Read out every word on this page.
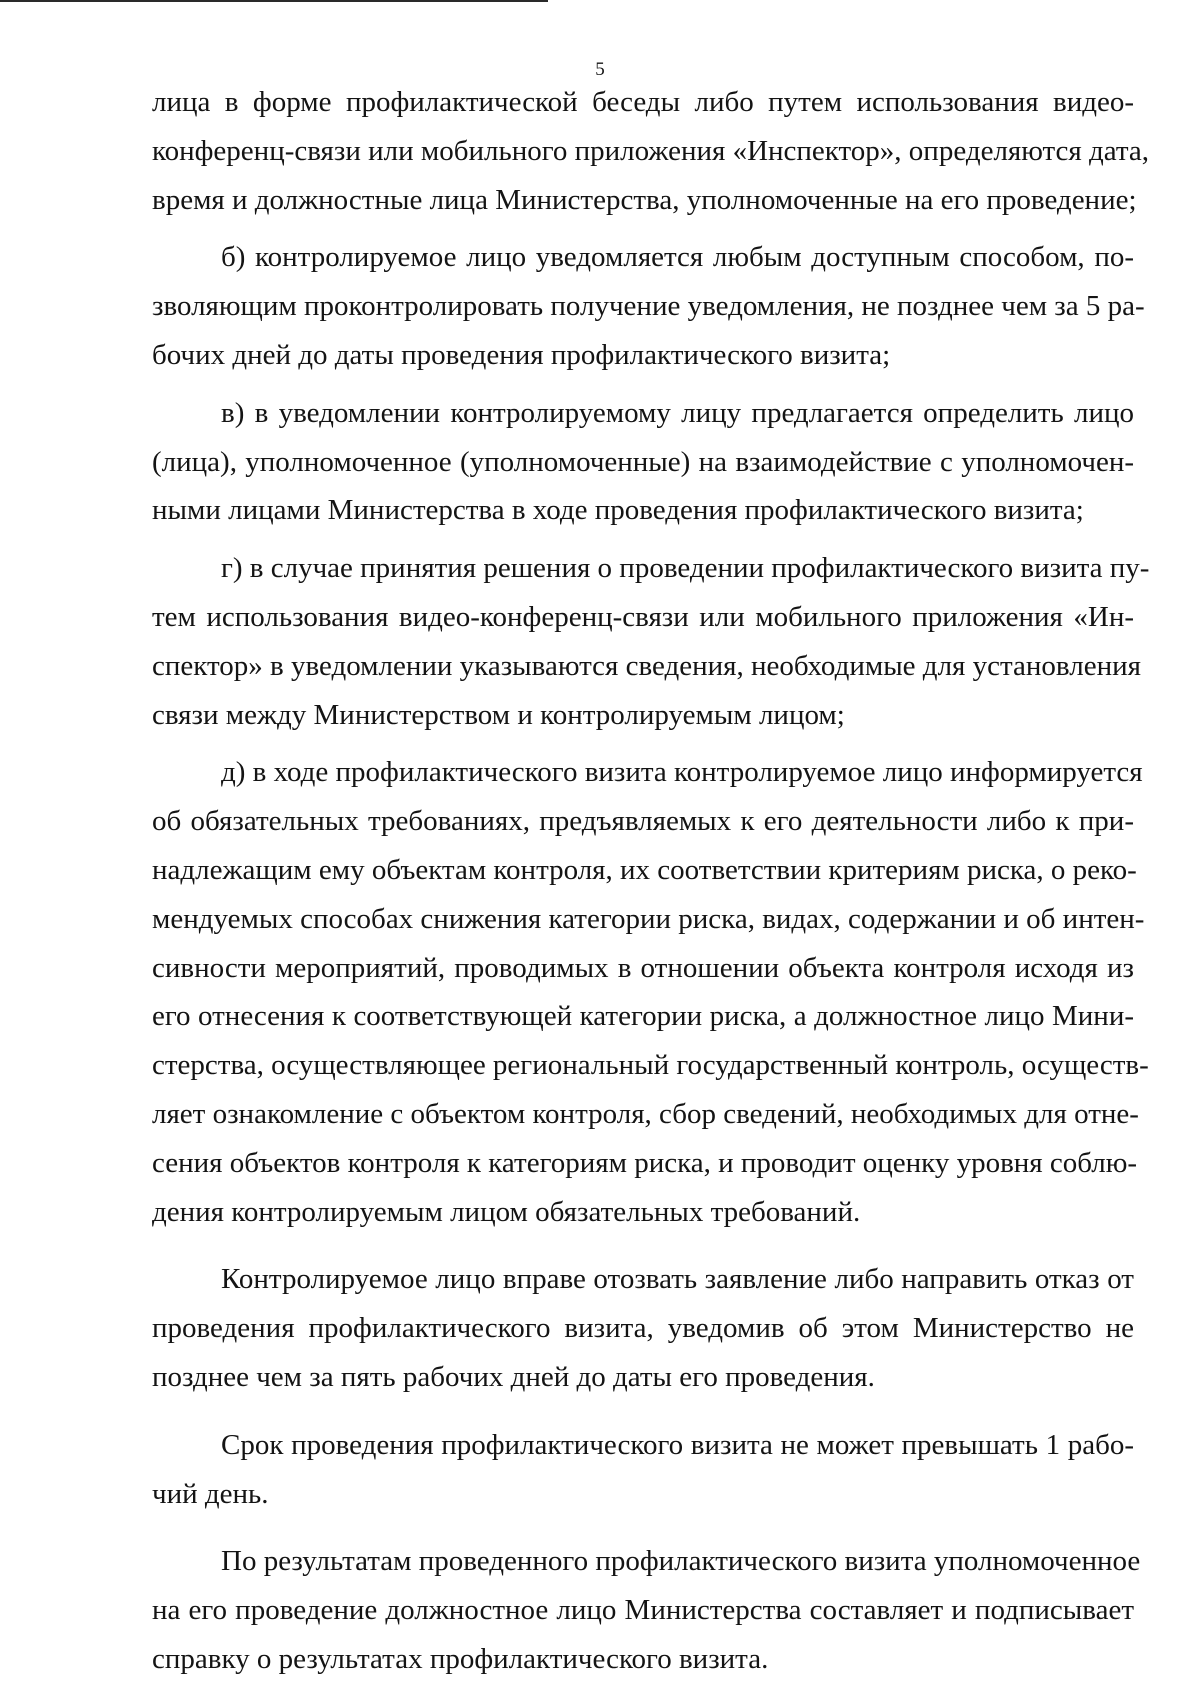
5

лица в форме профилактической беседы либо путем использования видео-

конференц-связи или мобильного приложения «Инспектор», определяются дата,

время и должностные лица Министерства, уполномоченные на его проведение;

б) контролируемое лицо уведомляется любым доступным способом, по-

зволяющим проконтролировать получение уведомления, не позднее чем за 5 ра-

бочих дней до даты проведения профилактического визита;

в) в уведомлении контролируемому лицу предлагается определить лицо

(лица), уполномоченное (уполномоченные) на взаимодействие с уполномочен-

ными лицами Министерства в ходе проведения профилактического визита;

г) в случае принятия решения о проведении профилактического визита пу-

тем использования видео-конференц-связи или мобильного приложения «Ин-

спектор» в уведомлении указываются сведения, необходимые для установления

связи между Министерством и контролируемым лицом;

д) в ходе профилактического визита контролируемое лицо информируется

об обязательных требованиях, предъявляемых к его деятельности либо к при-

надлежащим ему объектам контроля, их соответствии критериям риска, о реко-

мендуемых способах снижения категории риска, видах, содержании и об интен-

сивности мероприятий, проводимых в отношении объекта контроля исходя из

его отнесения к соответствующей категории риска, а должностное лицо Мини-

стерства, осуществляющее региональный государственный контроль, осуществ-

ляет ознакомление с объектом контроля, сбор сведений, необходимых для отне-

сения объектов контроля к категориям риска, и проводит оценку уровня соблю-

дения контролируемым лицом обязательных требований.

Контролируемое лицо вправе отозвать заявление либо направить отказ от

проведения профилактического визита, уведомив об этом Министерство не

позднее чем за пять рабочих дней до даты его проведения.

Срок проведения профилактического визита не может превышать 1 рабо-

чий день.

По результатам проведенного профилактического визита уполномоченное

на его проведение должностное лицо Министерства составляет и подписывает

справку о результатах профилактического визита.
